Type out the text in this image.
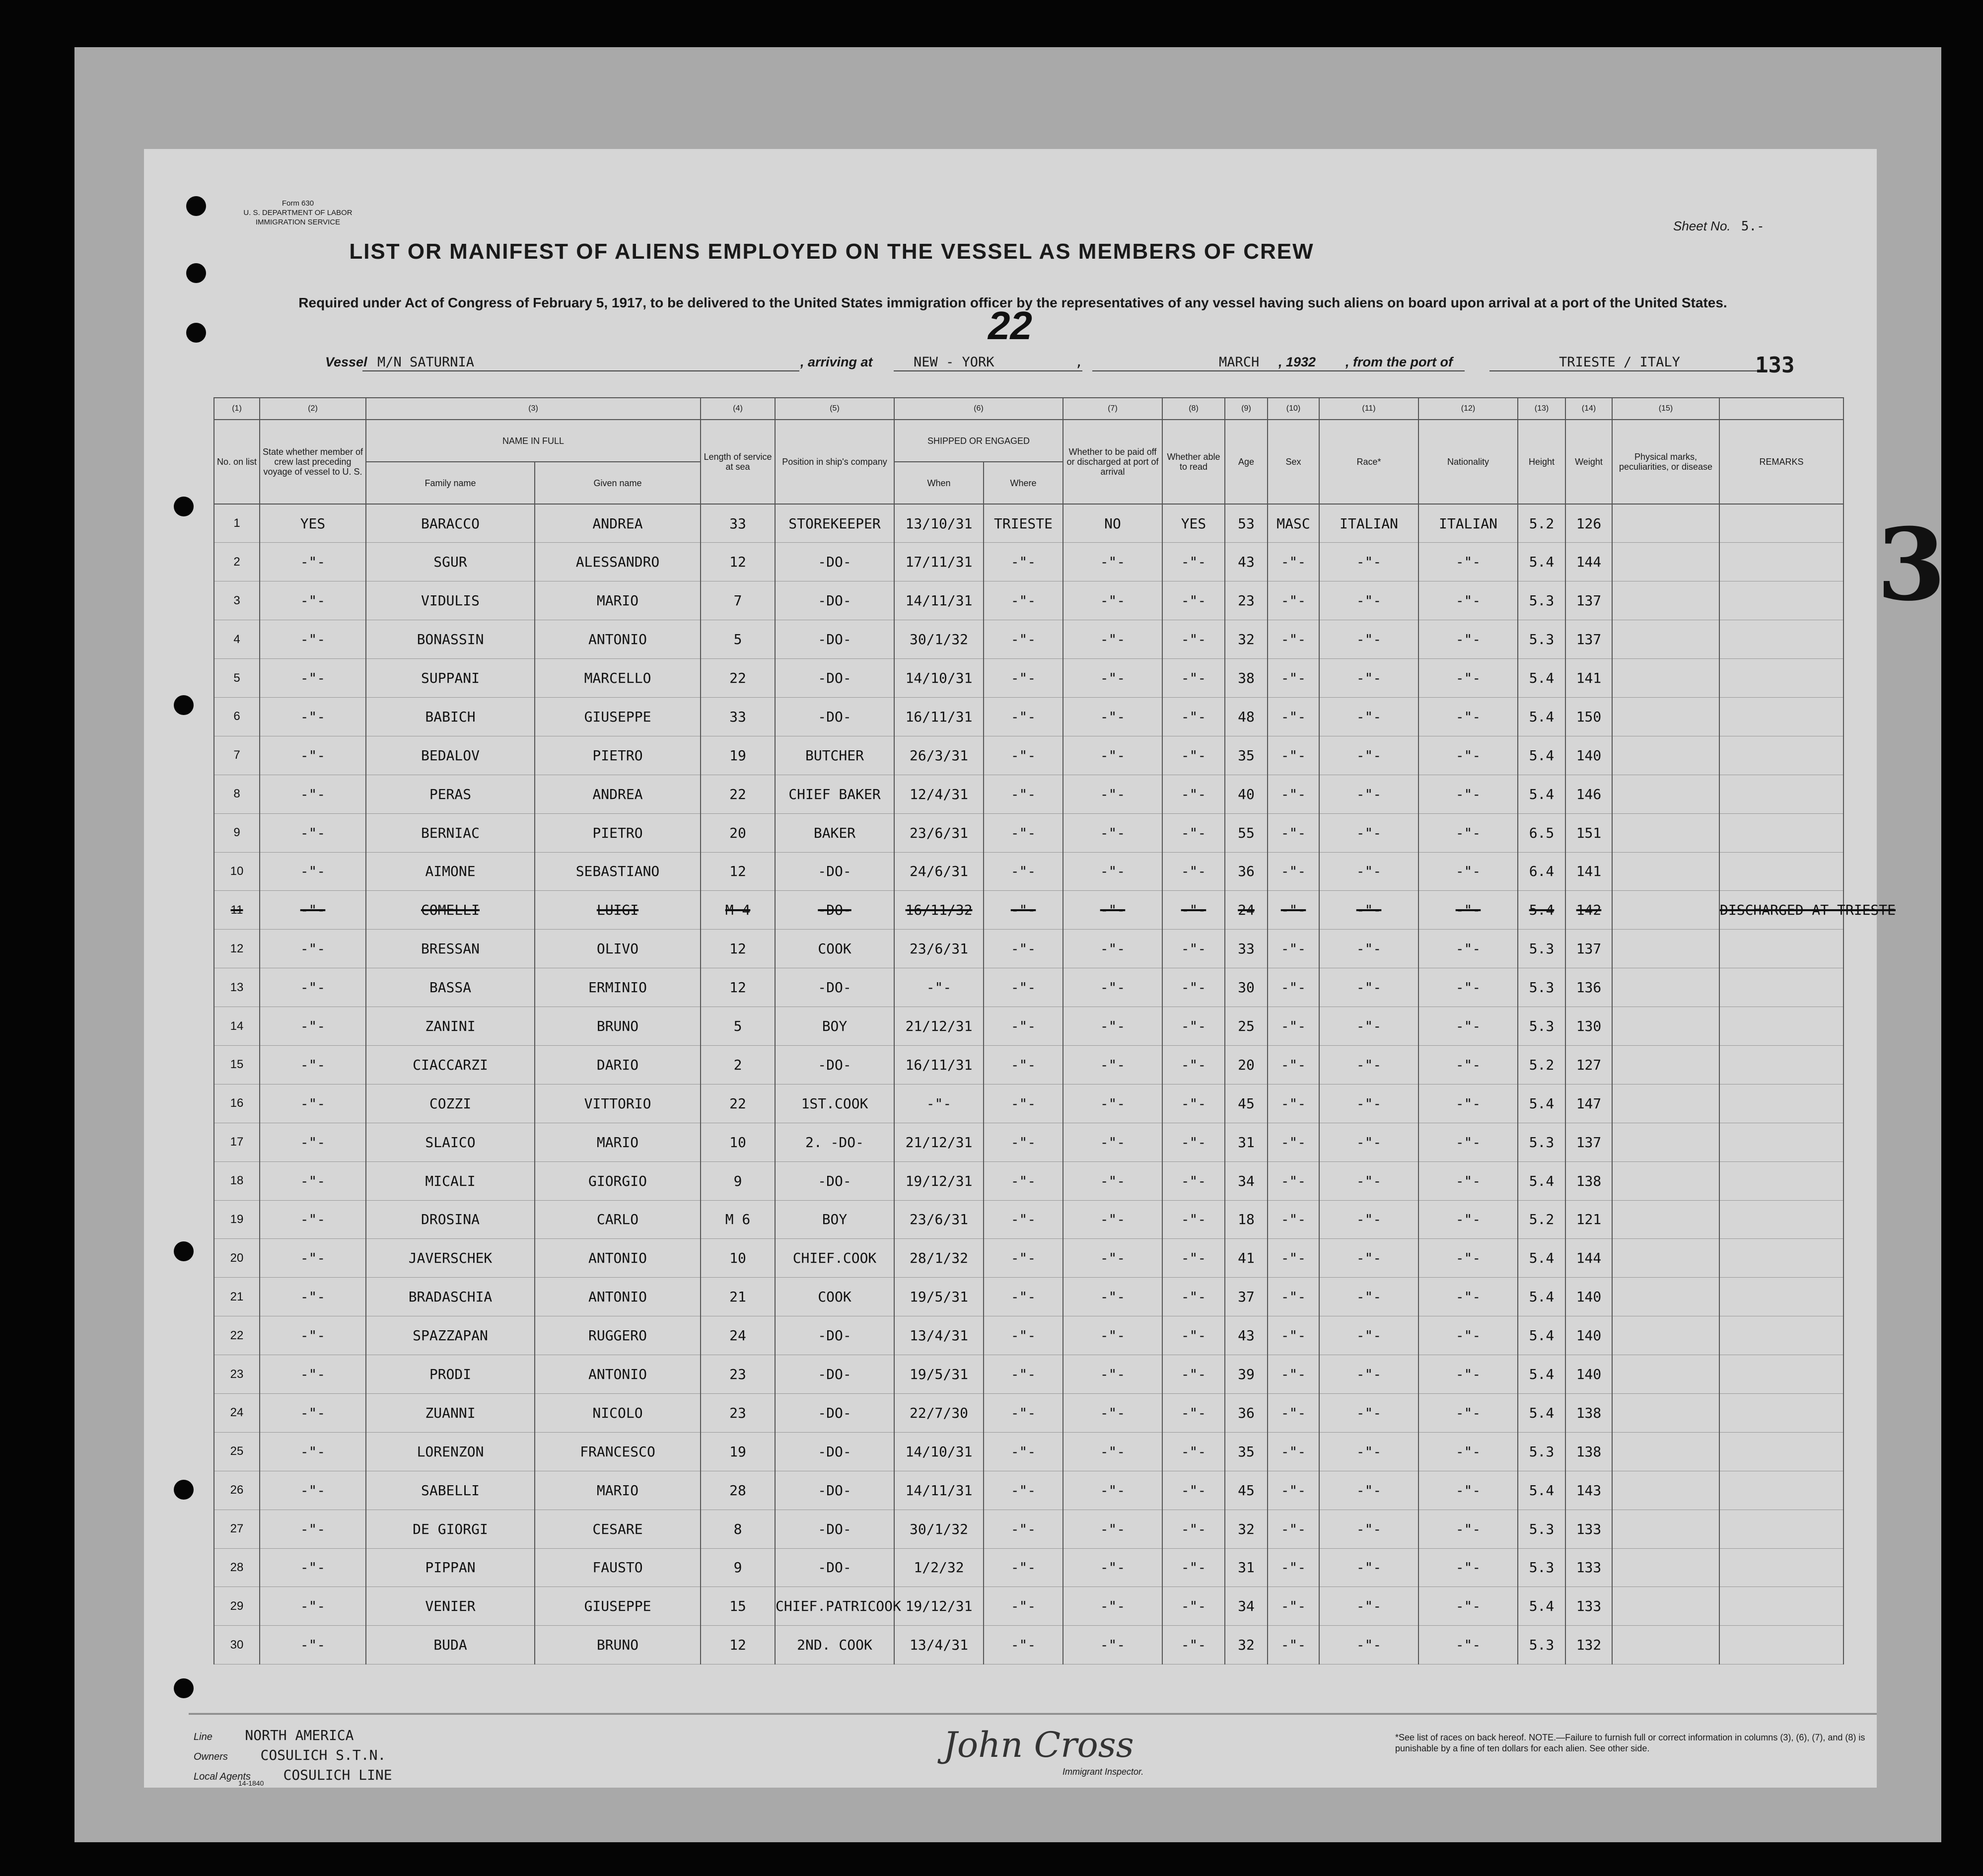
3
Form 630
U. S. DEPARTMENT OF LABOR
IMMIGRATION SERVICE
LIST OR MANIFEST OF ALIENS EMPLOYED ON THE VESSEL AS MEMBERS OF CREW
Sheet No. 5.-
Required under Act of Congress of February 5, 1917, to be delivered to the United States immigration officer by the representatives of any vessel having such aliens on board upon arrival at a port of the United States.
22
Vessel M/N SATURNIA	, arriving at	NEW - YORK	,	MARCH , 1932 , from the port of	TRIESTE / ITALY	133
(1)	(2)	(3)		(4)	(5)	(6)		(7)	(8)	(9)	(10)	(11)	(12)	(13)	(14)	(15)	
No. on list	State whether member of crew last preceding voyage of vessel to U. S.	NAME IN FULL		Length of service at sea	Position in ship's company	SHIPPED OR ENGAGED		Whether to be paid off or discharged at port of arrival	Whether able to read	Age	Sex	Race*	Nationality	Height	Weight	Physical marks, peculiarities, or disease	REMARKS
		Family name	Given name			When	Where										
1	YES	BARACCO	ANDREA	33	STOREKEEPER	13/10/31	TRIESTE	NO	YES	53	MASC	ITALIAN	ITALIAN	5.2	126		
2	-"-	SGUR	ALESSANDRO	12	-DO-	17/11/31	-"-	-"-	-"-	43	-"-	-"-	-"-	5.4	144		
3	-"-	VIDULIS	MARIO	7	-DO-	14/11/31	-"-	-"-	-"-	23	-"-	-"-	-"-	5.3	137		
4	-"-	BONASSIN	ANTONIO	5	-DO-	30/1/32	-"-	-"-	-"-	32	-"-	-"-	-"-	5.3	137		
5	-"-	SUPPANI	MARCELLO	22	-DO-	14/10/31	-"-	-"-	-"-	38	-"-	-"-	-"-	5.4	141		
6	-"-	BABICH	GIUSEPPE	33	-DO-	16/11/31	-"-	-"-	-"-	48	-"-	-"-	-"-	5.4	150		
7	-"-	BEDALOV	PIETRO	19	BUTCHER	26/3/31	-"-	-"-	-"-	35	-"-	-"-	-"-	5.4	140		
8	-"-	PERAS	ANDREA	22	CHIEF BAKER	12/4/31	-"-	-"-	-"-	40	-"-	-"-	-"-	5.4	146		
9	-"-	BERNIAC	PIETRO	20	BAKER	23/6/31	-"-	-"-	-"-	55	-"-	-"-	-"-	6.5	151		
10	-"-	AIMONE	SEBASTIANO	12	-DO-	24/6/31	-"-	-"-	-"-	36	-"-	-"-	-"-	6.4	141		
11	-"-	COMELLI	LUIGI	M 4	-DO-	16/11/32	-"-	-"-	-"-	24	-"-	-"-	-"-	5.4	142		DISCHARGED AT TRIESTE
12	-"-	BRESSAN	OLIVO	12	COOK	23/6/31	-"-	-"-	-"-	33	-"-	-"-	-"-	5.3	137		
13	-"-	BASSA	ERMINIO	12	-DO-	-"-	-"-	-"-	-"-	30	-"-	-"-	-"-	5.3	136		
14	-"-	ZANINI	BRUNO	5	BOY	21/12/31	-"-	-"-	-"-	25	-"-	-"-	-"-	5.3	130		
15	-"-	CIACCARZI	DARIO	2	-DO-	16/11/31	-"-	-"-	-"-	20	-"-	-"-	-"-	5.2	127		
16	-"-	COZZI	VITTORIO	22	1ST.COOK	-"-	-"-	-"-	-"-	45	-"-	-"-	-"-	5.4	147		
17	-"-	SLAICO	MARIO	10	2. -DO-	21/12/31	-"-	-"-	-"-	31	-"-	-"-	-"-	5.3	137		
18	-"-	MICALI	GIORGIO	9	-DO-	19/12/31	-"-	-"-	-"-	34	-"-	-"-	-"-	5.4	138		
19	-"-	DROSINA	CARLO	M 6	BOY	23/6/31	-"-	-"-	-"-	18	-"-	-"-	-"-	5.2	121		
20	-"-	JAVERSCHEK	ANTONIO	10	CHIEF.COOK	28/1/32	-"-	-"-	-"-	41	-"-	-"-	-"-	5.4	144		
21	-"-	BRADASCHIA	ANTONIO	21	COOK	19/5/31	-"-	-"-	-"-	37	-"-	-"-	-"-	5.4	140		
22	-"-	SPAZZAPAN	RUGGERO	24	-DO-	13/4/31	-"-	-"-	-"-	43	-"-	-"-	-"-	5.4	140		
23	-"-	PRODI	ANTONIO	23	-DO-	19/5/31	-"-	-"-	-"-	39	-"-	-"-	-"-	5.4	140		
24	-"-	ZUANNI	NICOLO	23	-DO-	22/7/30	-"-	-"-	-"-	36	-"-	-"-	-"-	5.4	138		
25	-"-	LORENZON	FRANCESCO	19	-DO-	14/10/31	-"-	-"-	-"-	35	-"-	-"-	-"-	5.3	138		
26	-"-	SABELLI	MARIO	28	-DO-	14/11/31	-"-	-"-	-"-	45	-"-	-"-	-"-	5.4	143		
27	-"-	DE GIORGI	CESARE	8	-DO-	30/1/32	-"-	-"-	-"-	32	-"-	-"-	-"-	5.3	133		
28	-"-	PIPPAN	FAUSTO	9	-DO-	1/2/32	-"-	-"-	-"-	31	-"-	-"-	-"-	5.3	133		
29	-"-	VENIER	GIUSEPPE	15	CHIEF.PATRICOOK	19/12/31	-"-	-"-	-"-	34	-"-	-"-	-"-	5.4	133		
30	-"-	BUDA	BRUNO	12	2ND. COOK	13/4/31	-"-	-"-	-"-	32	-"-	-"-	-"-	5.3	132		
Line NORTH AMERICA
Owners COSULICH S.T.N.
Local Agents COSULICH LINE
14-1840
John Cross
Immigrant Inspector.
*See list of races on back hereof. NOTE.—Failure to furnish full or correct information in columns (3), (6), (7), and (8) is punishable by a fine of ten dollars for each alien. See other side.
